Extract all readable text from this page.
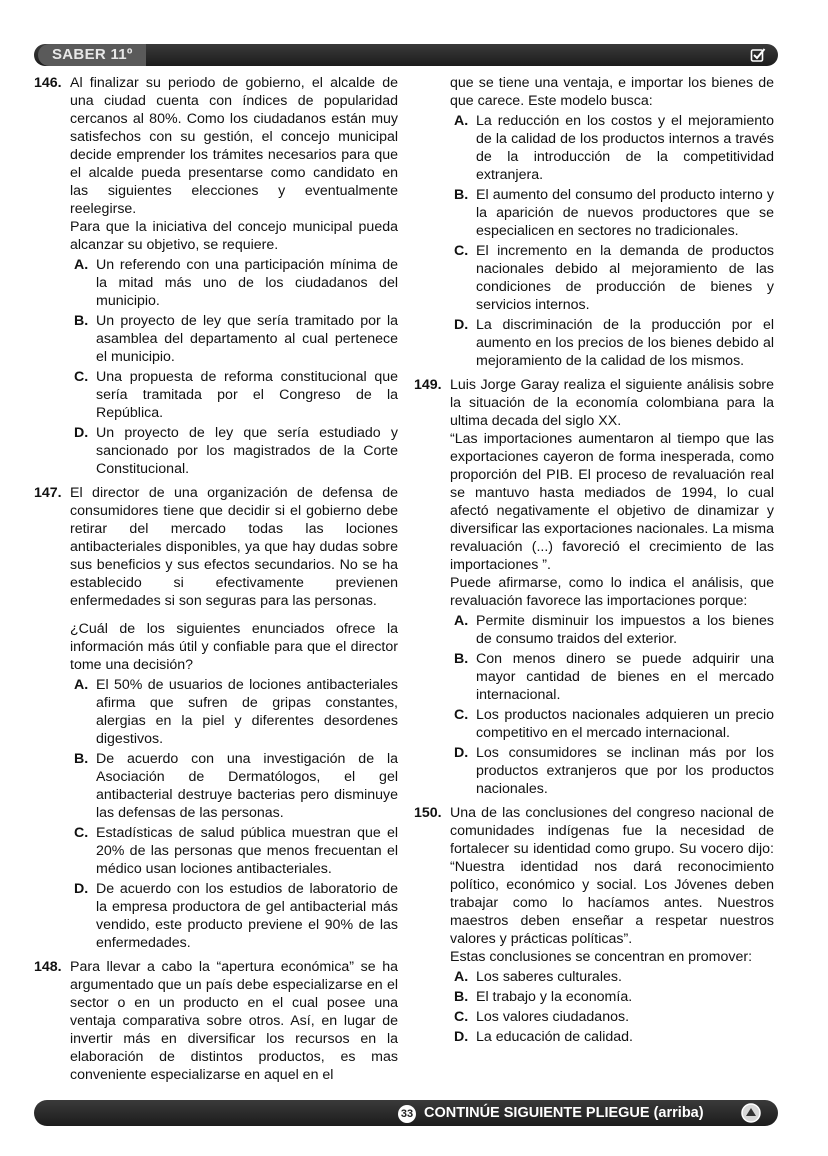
SABER 11º
146. Al finalizar su periodo de gobierno, el alcalde de una ciudad cuenta con índices de popularidad cercanos al 80%. Como los ciudadanos están muy satisfechos con su gestión, el concejo municipal decide emprender los trámites necesarios para que el alcalde pueda presentarse como candidato en las siguientes elecciones y eventualmente reelegirse.

Para que la iniciativa del concejo municipal pueda alcanzar su objetivo, se requiere.

A. Un referendo con una participación mínima de la mitad más uno de los ciudadanos del municipio.
B. Un proyecto de ley que sería tramitado por la asamblea del departamento al cual pertenece el municipio.
C. Una propuesta de reforma constitucional que sería tramitada por el Congreso de la República.
D. Un proyecto de ley que sería estudiado y sancionado por los magistrados de la Corte Constitucional.
147. El director de una organización de defensa de consumidores tiene que decidir si el gobierno debe retirar del mercado todas las lociones antibacteriales disponibles, ya que hay dudas sobre sus beneficios y sus efectos secundarios. No se ha establecido si efectivamente previenen enfermedades si son seguras para las personas.

¿Cuál de los siguientes enunciados ofrece la información más útil y confiable para que el director tome una decisión?

A. El 50% de usuarios de lociones antibacteriales afirma que sufren de gripas constantes, alergias en la piel y diferentes desordenes digestivos.
B. De acuerdo con una investigación de la Asociación de Dermatólogos, el gel antibacterial destruye bacterias pero disminuye las defensas de las personas.
C. Estadísticas de salud pública muestran que el 20% de las personas que menos frecuentan el médico usan lociones antibacteriales.
D. De acuerdo con los estudios de laboratorio de la empresa productora de gel antibacterial más vendido, este producto previene el 90% de las enfermedades.
148. Para llevar a cabo la “apertura económica” se ha argumentado que un país debe especializarse en el sector o en un producto en el cual posee una ventaja comparativa sobre otros. Así, en lugar de invertir más en diversificar los recursos en la elaboración de distintos productos, es mas conveniente especializarse en aquel en el

que se tiene una ventaja, e importar los bienes de que carece. Este modelo busca:

A. La reducción en los costos y el mejoramiento de la calidad de los productos internos a través de la introducción de la competitividad extranjera.
B. El aumento del consumo del producto interno y la aparición de nuevos productores que se especialicen en sectores no tradicionales.
C. El incremento en la demanda de productos nacionales debido al mejoramiento de las condiciones de producción de bienes y servicios internos.
D. La discriminación de la producción por el aumento en los precios de los bienes debido al mejoramiento de la calidad de los mismos.
149. Luis Jorge Garay realiza el siguiente análisis sobre la situación de la economía colombiana para la ultima decada del siglo XX.

“Las importaciones aumentaron al tiempo que las exportaciones cayeron de forma inesperada, como proporción del PIB. El proceso de revaluación real se mantuvo hasta mediados de 1994, lo cual afectó negativamente el objetivo de dinamizar y diversificar las exportaciones nacionales. La misma revaluación (...) favoreció el crecimiento de las importaciones ”.

Puede afirmarse, como lo indica el análisis, que revaluación favorece las importaciones porque:

A. Permite disminuir los impuestos a los bienes de consumo traidos del exterior.
B. Con menos dinero se puede adquirir una mayor cantidad de bienes en el mercado internacional.
C. Los productos nacionales adquieren un precio competitivo en el mercado internacional.
D. Los consumidores se inclinan más por los productos extranjeros que por los productos nacionales.
150. Una de las conclusiones del congreso nacional de comunidades indígenas fue la necesidad de fortalecer su identidad como grupo. Su vocero dijo: “Nuestra identidad nos dará reconocimiento político, económico y social. Los Jóvenes deben trabajar como lo hacíamos antes. Nuestros maestros deben enseñar a respetar nuestros valores y prácticas políticas”.

Estas conclusiones se concentran en promover:

A. Los saberes culturales.
B. El trabajo y la economía.
C. Los valores ciudadanos.
D. La educación de calidad.
33 CONTINÚE SIGUIENTE PLIEGUE (arriba)
